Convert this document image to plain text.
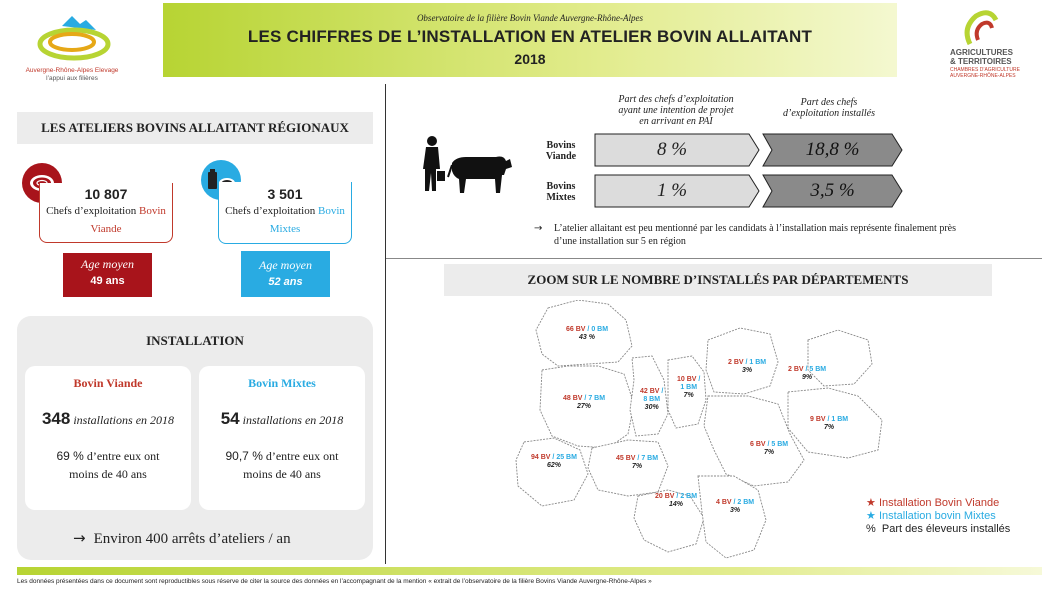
Auvergne-Rhône-Alpes Elevage
l’appui aux filières
Observatoire de la filière Bovin Viande Auvergne-Rhône-Alpes
LES CHIFFRES DE L’INSTALLATION EN ATELIER BOVIN ALLAITANT
2018	AGRICULTURES
& TERRITOIRES
CHAMBRES D’AGRICULTURE
AUVERGNE-RHÔNE-ALPES
LES ATELIERS BOVINS ALLAITANT RÉGIONAUX
10 807
Chefs d’exploitation Bovin Viande
Age moyen
49 ans
3 501
Chefs d’exploitation Bovin Mixtes
Age moyen
52 ans
INSTALLATION
Bovin Viande
348 installations en 2018
69 % d’entre eux ont
moins de 40 ans
Bovin Mixtes
54 installations en 2018
90,7 % d’entre eux ont
moins de 40 ans
→ Environ 400 arrêts d’ateliers / an
Part des chefs d’exploitation
ayant une intention de projet
en arrivant en PAI
Part des chefs
d’exploitation installés
Bovins
Viande
Bovins
Mixtes
8 %	18,8 %
1 %	3,5 %
→	L’atelier allaitant est peu mentionné par les candidats à l’installation mais représente finalement près
d’une installation sur 5 en région
ZOOM SUR LE NOMBRE D’INSTALLÉS PAR DÉPARTEMENTS
66 BV / 0 BM
43 %
48 BV / 7 BM
27%
42 BV /
8 BM
30%
10 BV /
1 BM
7%
2 BV / 1 BM
3%	2 BV / 5 BM
9%
9 BV / 1 BM
7%
6 BV / 5 BM
7%
94 BV / 25 BM
62%
45 BV / 7 BM
7%
20 BV / 2 BM
14%	4 BV / 2 BM
3%
★ Installation Bovin Viande
★ Installation bovin Mixtes
% Part des éleveurs installés
Les données présentées dans ce document sont reproductibles sous réserve de citer la source des données en l’accompagnant de la mention « extrait de l’observatoire de la filière Bovins Viande Auvergne-Rhône-Alpes »
